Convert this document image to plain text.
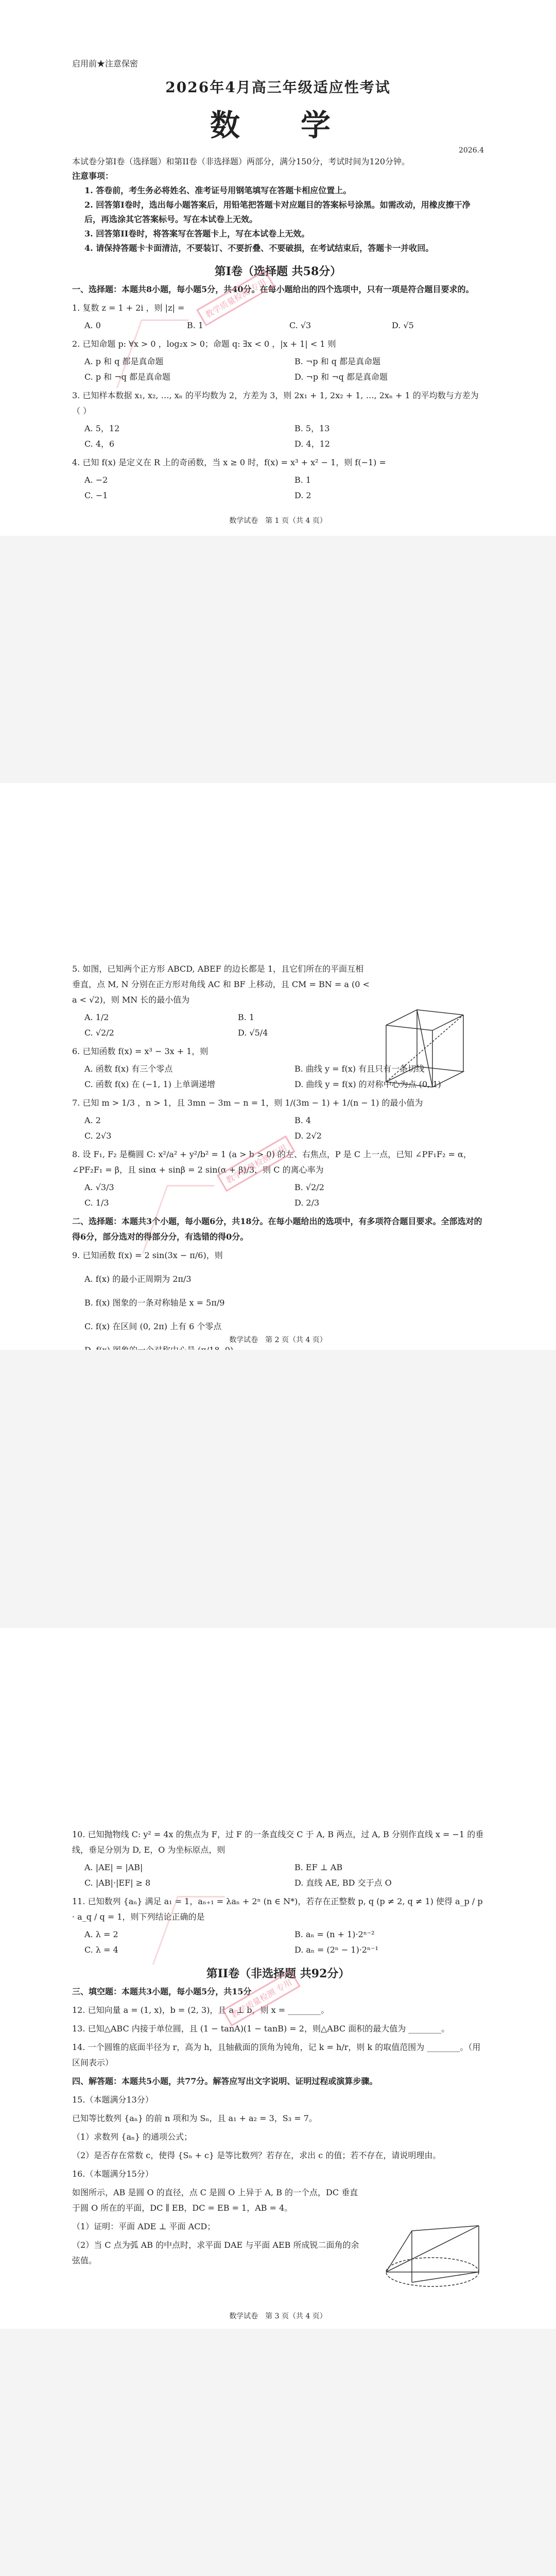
启用前★注意保密

2026年4月高三年级适应性考试
数　学

2026.4

本试卷分第I卷（选择题）和第II卷（非选择题）两部分，满分150分，考试时间为120分钟。

注意事项：

1. 答卷前，考生务必将姓名、准考证号用钢笔填写在答题卡相应位置上。

2. 回答第I卷时，选出每小题答案后，用铅笔把答题卡对应题目的答案标号涂黑。如需改动，用橡皮擦干净后，再选涂其它答案标号。写在本试卷上无效。

3. 回答第II卷时，将答案写在答题卡上，写在本试卷上无效。

4. 请保持答题卡卡面清洁，不要装订、不要折叠、不要破损，在考试结束后，答题卡一并收回。

第I卷（选择题 共58分）

一、选择题：本题共8小题，每小题5分，共40分。在每小题给出的四个选项中，只有一项是符合题目要求的。

1. 复数 z = 1 + 2i ，则 |z| =

A. 0	B. 1	C. √3	D. √5

2. 已知命题 p: ∀x > 0 ，log₂x > 0；命题 q: ∃x < 0 ，|x + 1| < 1 则

A. p 和 q 都是真命题	B. ¬p 和 q 都是真命题
C. p 和 ¬q 都是真命题	D. ¬p 和 ¬q 都是真命题

3. 已知样本数据 x₁, x₂, …, xₙ 的平均数为 2，方差为 3，则 2x₁ + 1, 2x₂ + 1, …, 2xₙ + 1 的平均数与方差为（ ）

A. 5，12	B. 5，13
C. 4，6	D. 4，12

4. 已知 f(x) 是定义在 R 上的奇函数，当 x ≥ 0 时，f(x) = x³ + x² − 1，则 f(−1) =

A. −2	B. 1
C. −1	D. 2
教学质量检测 专用
数学试卷　第 1 页（共 4 页）

5. 如图，已知两个正方形 ABCD, ABEF 的边长都是 1，且它们所在的平面互相垂直，点 M, N 分别在正方形对角线 AC 和 BF 上移动，且 CM = BN = a (0 < a < √2)，则 MN 长的最小值为

A. 1/2	B. 1
C. √2/2	D. √5/4

6. 已知函数 f(x) = x³ − 3x + 1，则

A. 函数 f(x) 有三个零点	B. 曲线 y = f(x) 有且只有一条切线
C. 函数 f(x) 在 (−1, 1) 上单调递增	D. 曲线 y = f(x) 的对称中心为点 (0, 1)

7. 已知 m > 1/3 ，n > 1，且 3mn − 3m − n = 1，则 1/(3m − 1) + 1/(n − 1) 的最小值为

A. 2	B. 4
C. 2√3	D. 2√2

8. 设 F₁, F₂ 是椭圆 C: x²/a² + y²/b² = 1 (a > b > 0) 的左、右焦点，P 是 C 上一点，已知 ∠PF₁F₂ = α，∠PF₂F₁ = β，且 sinα + sinβ = 2 sin(α + β)/3，则 C 的离心率为

A. √3/3	B. √2/2
C. 1/3	D. 2/3

二、选择题：本题共3个小题，每小题6分，共18分。在每小题给出的选项中，有多项符合题目要求。全部选对的得6分，部分选对的得部分分，有选错的得0分。

9. 已知函数 f(x) = 2 sin(3x − π/6)，则

A. f(x) 的最小正周期为 2π/3

B. f(x) 图象的一条对称轴是 x = 5π/9

C. f(x) 在区间 (0, 2π) 上有 6 个零点

教学质量检测 专用
数学试卷　第 2 页（共 4 页）

10. 已知抛物线 C: y² = 4x 的焦点为 F，过 F 的一条直线交 C 于 A, B 两点，过 A, B 分别作直线 x = −1 的垂线，垂足分别为 D, E，O 为坐标原点，则

A. |AE| = |AB|	B. EF ⊥ AB
C. |AB|·|EF| ≥ 8	D. 直线 AE, BD 交于点 O

11. 已知数列 {aₙ} 满足 a₁ = 1，aₙ₊₁ = λaₙ + 2ⁿ (n ∈ N*)，若存在正整数 p, q (p ≠ 2, q ≠ 1) 使得 a_p / p · a_q / q = 1，则下列结论正确的是

A. λ = 2	B. aₙ = (n + 1)·2ⁿ⁻²
C. λ = 4	D. aₙ = (2ⁿ − 1)·2ⁿ⁻¹
第II卷（非选择题 共92分）

三、填空题：本题共3小题，每小题5分，共15分

12. 已知向量 a = (1, x)，b = (2, 3)，且 a ⊥ b，则 x = ________。

13. 已知△ABC 内接于单位圆，且 (1 − tanA)(1 − tanB) = 2，则△ABC 面积的最大值为 ________。

14. 一个圆锥的底面半径为 r，高为 h，且轴截面的顶角为钝角，记 k = h/r，则 k 的取值范围为 ________。（用区间表示）

四、解答题：本题共5小题，共77分。解答应写出文字说明、证明过程或演算步骤。

15.（本题满分13分）

已知等比数列 {aₙ} 的前 n 项和为 Sₙ，且 a₁ + a₂ = 3，S₃ = 7。

（1）求数列 {aₙ} 的通项公式；

（2）是否存在常数 c，使得 {Sₙ + c} 是等比数列？若存在，求出 c 的值；若不存在，请说明理由。

16.（本题满分15分）

如图所示，AB 是圆 O 的直径，点 C 是圆 O 上异于 A, B 的一个点，DC 垂直于圆 O 所在的平面，DC ∥ EB，DC = EB = 1，AB = 4。

（1）证明：平面 ADE ⊥ 平面 ACD；

（2）当 C 点为弧 AB 的中点时，求平面 DAE 与平面 AEB 所成锐二面角的余弦值。

教学质量检测 专用
数学试卷　第 3 页（共 4 页）
